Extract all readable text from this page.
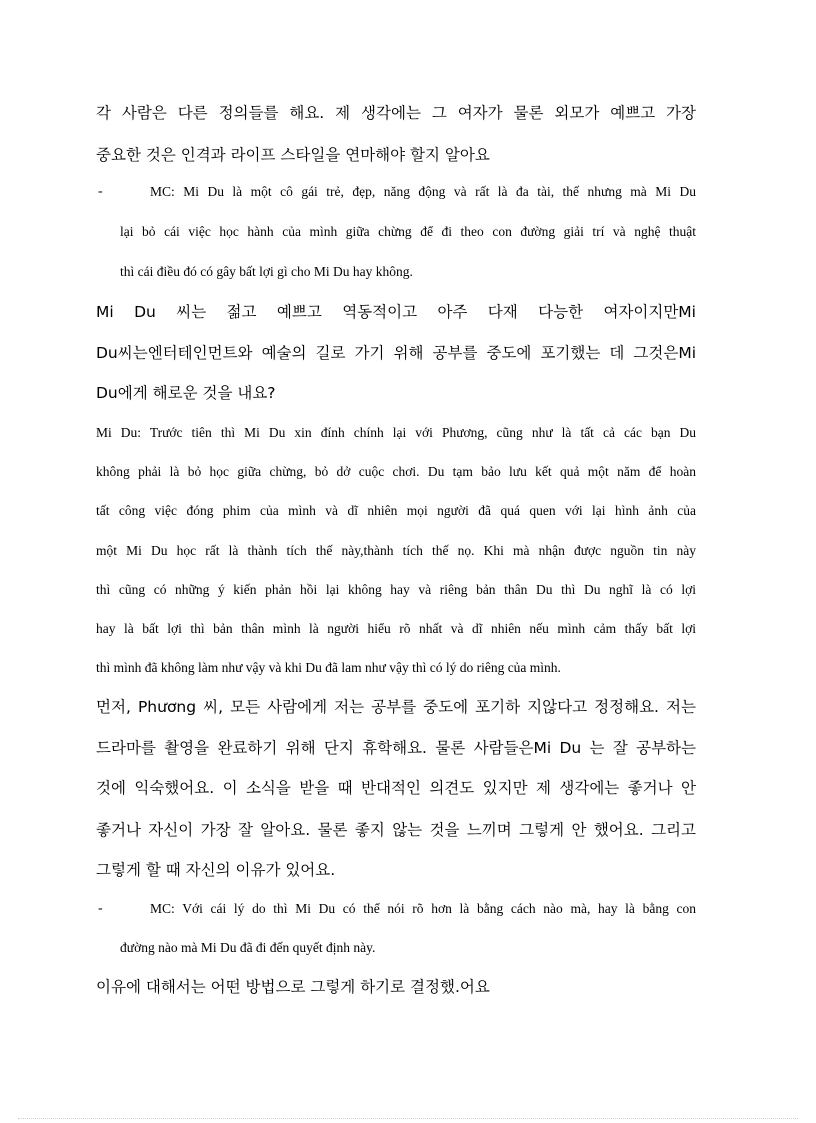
각 사람은 다른 정의들를 해요. 제 생각에는 그 여자가 물론 외모가 예쁘고 가장
중요한 것은 인격과 라이프 스타일을 연마해야 할지 알아요
-	MC: Mi Du là một cô gái trẻ, đẹp, năng động và rất là đa tài, thế nhưng mà Mi Du
lại bỏ cái việc học hành của mình giữa chừng để đi theo con đường giải trí và nghệ thuật
thì cái điều đó có gây bất lợi gì cho Mi Du hay không.
Mi Du 씨는 젊고 예쁘고 역동적이고 아주 다재 다능한 여자이지만Mi
Du씨는엔터테인먼트와 예술의 길로 가기 위해 공부를 중도에 포기했는 데 그것은Mi
Du에게 해로운 것을 내요?
Mi Du: Trước tiên thì Mi Du xin đính chính lại với Phương, cũng như là tất cả các bạn Du
không phải là bỏ học giữa chừng, bỏ dở cuộc chơi. Du tạm bảo lưu kết quả một năm để hoàn
tất công việc đóng phim của mình và dĩ nhiên mọi người đã quá quen với lại hình ảnh của
một Mi Du học rất là thành tích thế này,thành tích thế nọ. Khi mà nhận được nguồn tin này
thì cũng có những ý kiến phản hồi lại không hay và riêng bản thân Du thì Du nghĩ là có lợi
hay là bất lợi thì bản thân mình là người hiểu rõ nhất và dĩ nhiên nếu mình cảm thấy bất lợi
thì mình đã không làm như vậy và khi Du đã lam như vậy thì có lý do riêng của mình.
먼저, Phương 씨, 모든 사람에게 저는 공부를 중도에 포기하 지않다고 정정해요. 저는
드라마를 촬영을 완료하기 위해 단지 휴학해요. 물론 사람들은Mi Du 는 잘 공부하는
것에 익숙했어요. 이 소식을 받을 때 반대적인 의견도 있지만 제 생각에는 좋거나 안
좋거나 자신이 가장 잘 알아요. 물론 좋지 않는 것을 느끼며 그렇게 안 했어요. 그리고
그렇게 할 때 자신의 이유가 있어요.
-	MC: Với cái lý do thì Mi Du có thể nói rõ hơn là bằng cách nào mà, hay là bằng con
đường nào mà Mi Du đã đi đến quyết định này.
이유에 대해서는 어떤 방법으로 그렇게 하기로 결정했.어요
